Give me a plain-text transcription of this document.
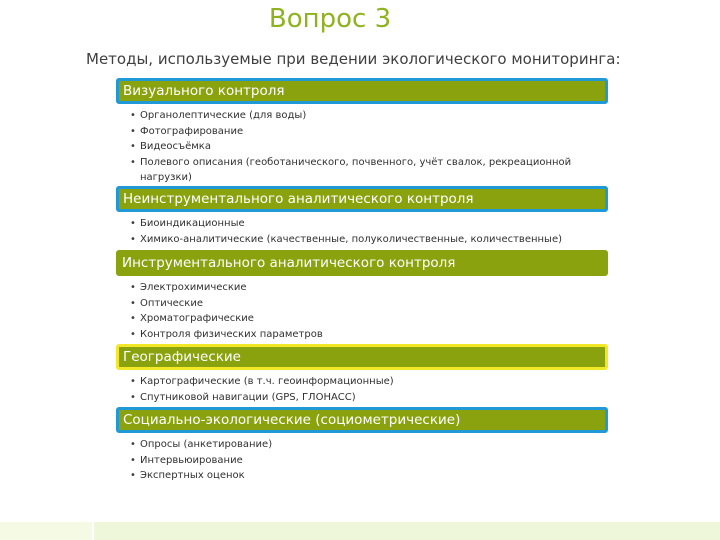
Вопрос 3
Методы, используемые при ведении экологического мониторинга:
Визуального контроля
• Органолептические (для воды)
• Фотографирование
• Видеосъёмка
• Полевого описания (геоботанического, почвенного, учёт свалок, рекреационной нагрузки)
Неинструментального аналитического контроля
• Биоиндикационные
• Химико-аналитические (качественные, полуколичественные, количественные)
Инструментального аналитического контроля
• Электрохимические
• Оптические
• Хроматографические
• Контроля физических параметров
Географические
• Картографические (в т.ч. геоинформационные)
• Спутниковой навигации (GPS, ГЛОНАСС)
Социально-экологические (социометрические)
• Опросы (анкетирование)
• Интервьюирование
• Экспертных оценок
